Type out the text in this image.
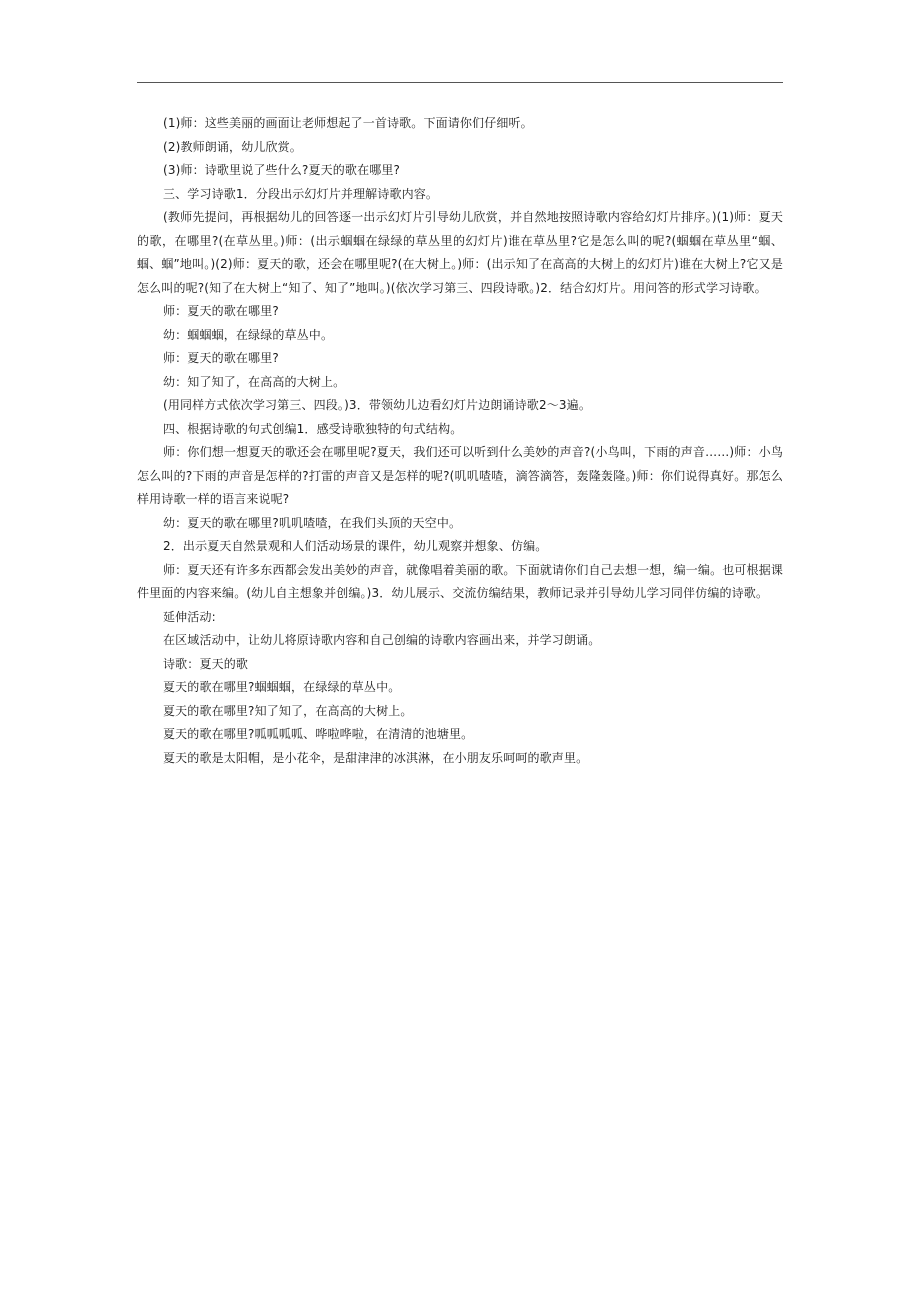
(1)师：这些美丽的画面让老师想起了一首诗歌。下面请你们仔细听。

(2)教师朗诵，幼儿欣赏。

(3)师：诗歌里说了些什么?夏天的歌在哪里?

三、学习诗歌1．分段出示幻灯片并理解诗歌内容。

(教师先提问，再根据幼儿的回答逐一出示幻灯片引导幼儿欣赏，并自然地按照诗歌内容给幻灯片排序。)(1)师：夏天的歌，在哪里?(在草丛里。)师：(出示蝈蝈在绿绿的草丛里的幻灯片)谁在草丛里?它是怎么叫的呢?(蝈蝈在草丛里“蝈、蝈、蝈”地叫。)(2)师：夏天的歌，还会在哪里呢?(在大树上。)师：(出示知了在高高的大树上的幻灯片)谁在大树上?它又是怎么叫的呢?(知了在大树上“知了、知了”地叫。)(依次学习第三、四段诗歌。)2．结合幻灯片。用问答的形式学习诗歌。

师：夏天的歌在哪里?

幼：蝈蝈蝈，在绿绿的草丛中。

师：夏天的歌在哪里?

幼：知了知了，在高高的大树上。

(用同样方式依次学习第三、四段。)3．带领幼儿边看幻灯片边朗诵诗歌2～3遍。

四、根据诗歌的句式创编1．感受诗歌独特的句式结构。

师：你们想一想夏天的歌还会在哪里呢?夏天，我们还可以听到什么美妙的声音?(小鸟叫，下雨的声音……)师：小鸟怎么叫的?下雨的声音是怎样的?打雷的声音又是怎样的呢?(叽叽喳喳，滴答滴答，轰隆轰隆。)师：你们说得真好。那怎么样用诗歌一样的语言来说呢?

幼：夏天的歌在哪里?叽叽喳喳，在我们头顶的天空中。

2．出示夏天自然景观和人们活动场景的课件，幼儿观察并想象、仿编。

师：夏天还有许多东西都会发出美妙的声音，就像唱着美丽的歌。下面就请你们自己去想一想，编一编。也可根据课件里面的内容来编。(幼儿自主想象并创编。)3．幼儿展示、交流仿编结果，教师记录并引导幼儿学习同伴仿编的诗歌。

延伸活动:

在区域活动中，让幼儿将原诗歌内容和自己创编的诗歌内容画出来，并学习朗诵。

诗歌：夏天的歌

夏天的歌在哪里?蝈蝈蝈，在绿绿的草丛中。

夏天的歌在哪里?知了知了，在高高的大树上。

夏天的歌在哪里?呱呱呱呱、哗啦哗啦，在清清的池塘里。

夏天的歌是太阳帽，是小花伞，是甜津津的冰淇淋，在小朋友乐呵呵的歌声里。
